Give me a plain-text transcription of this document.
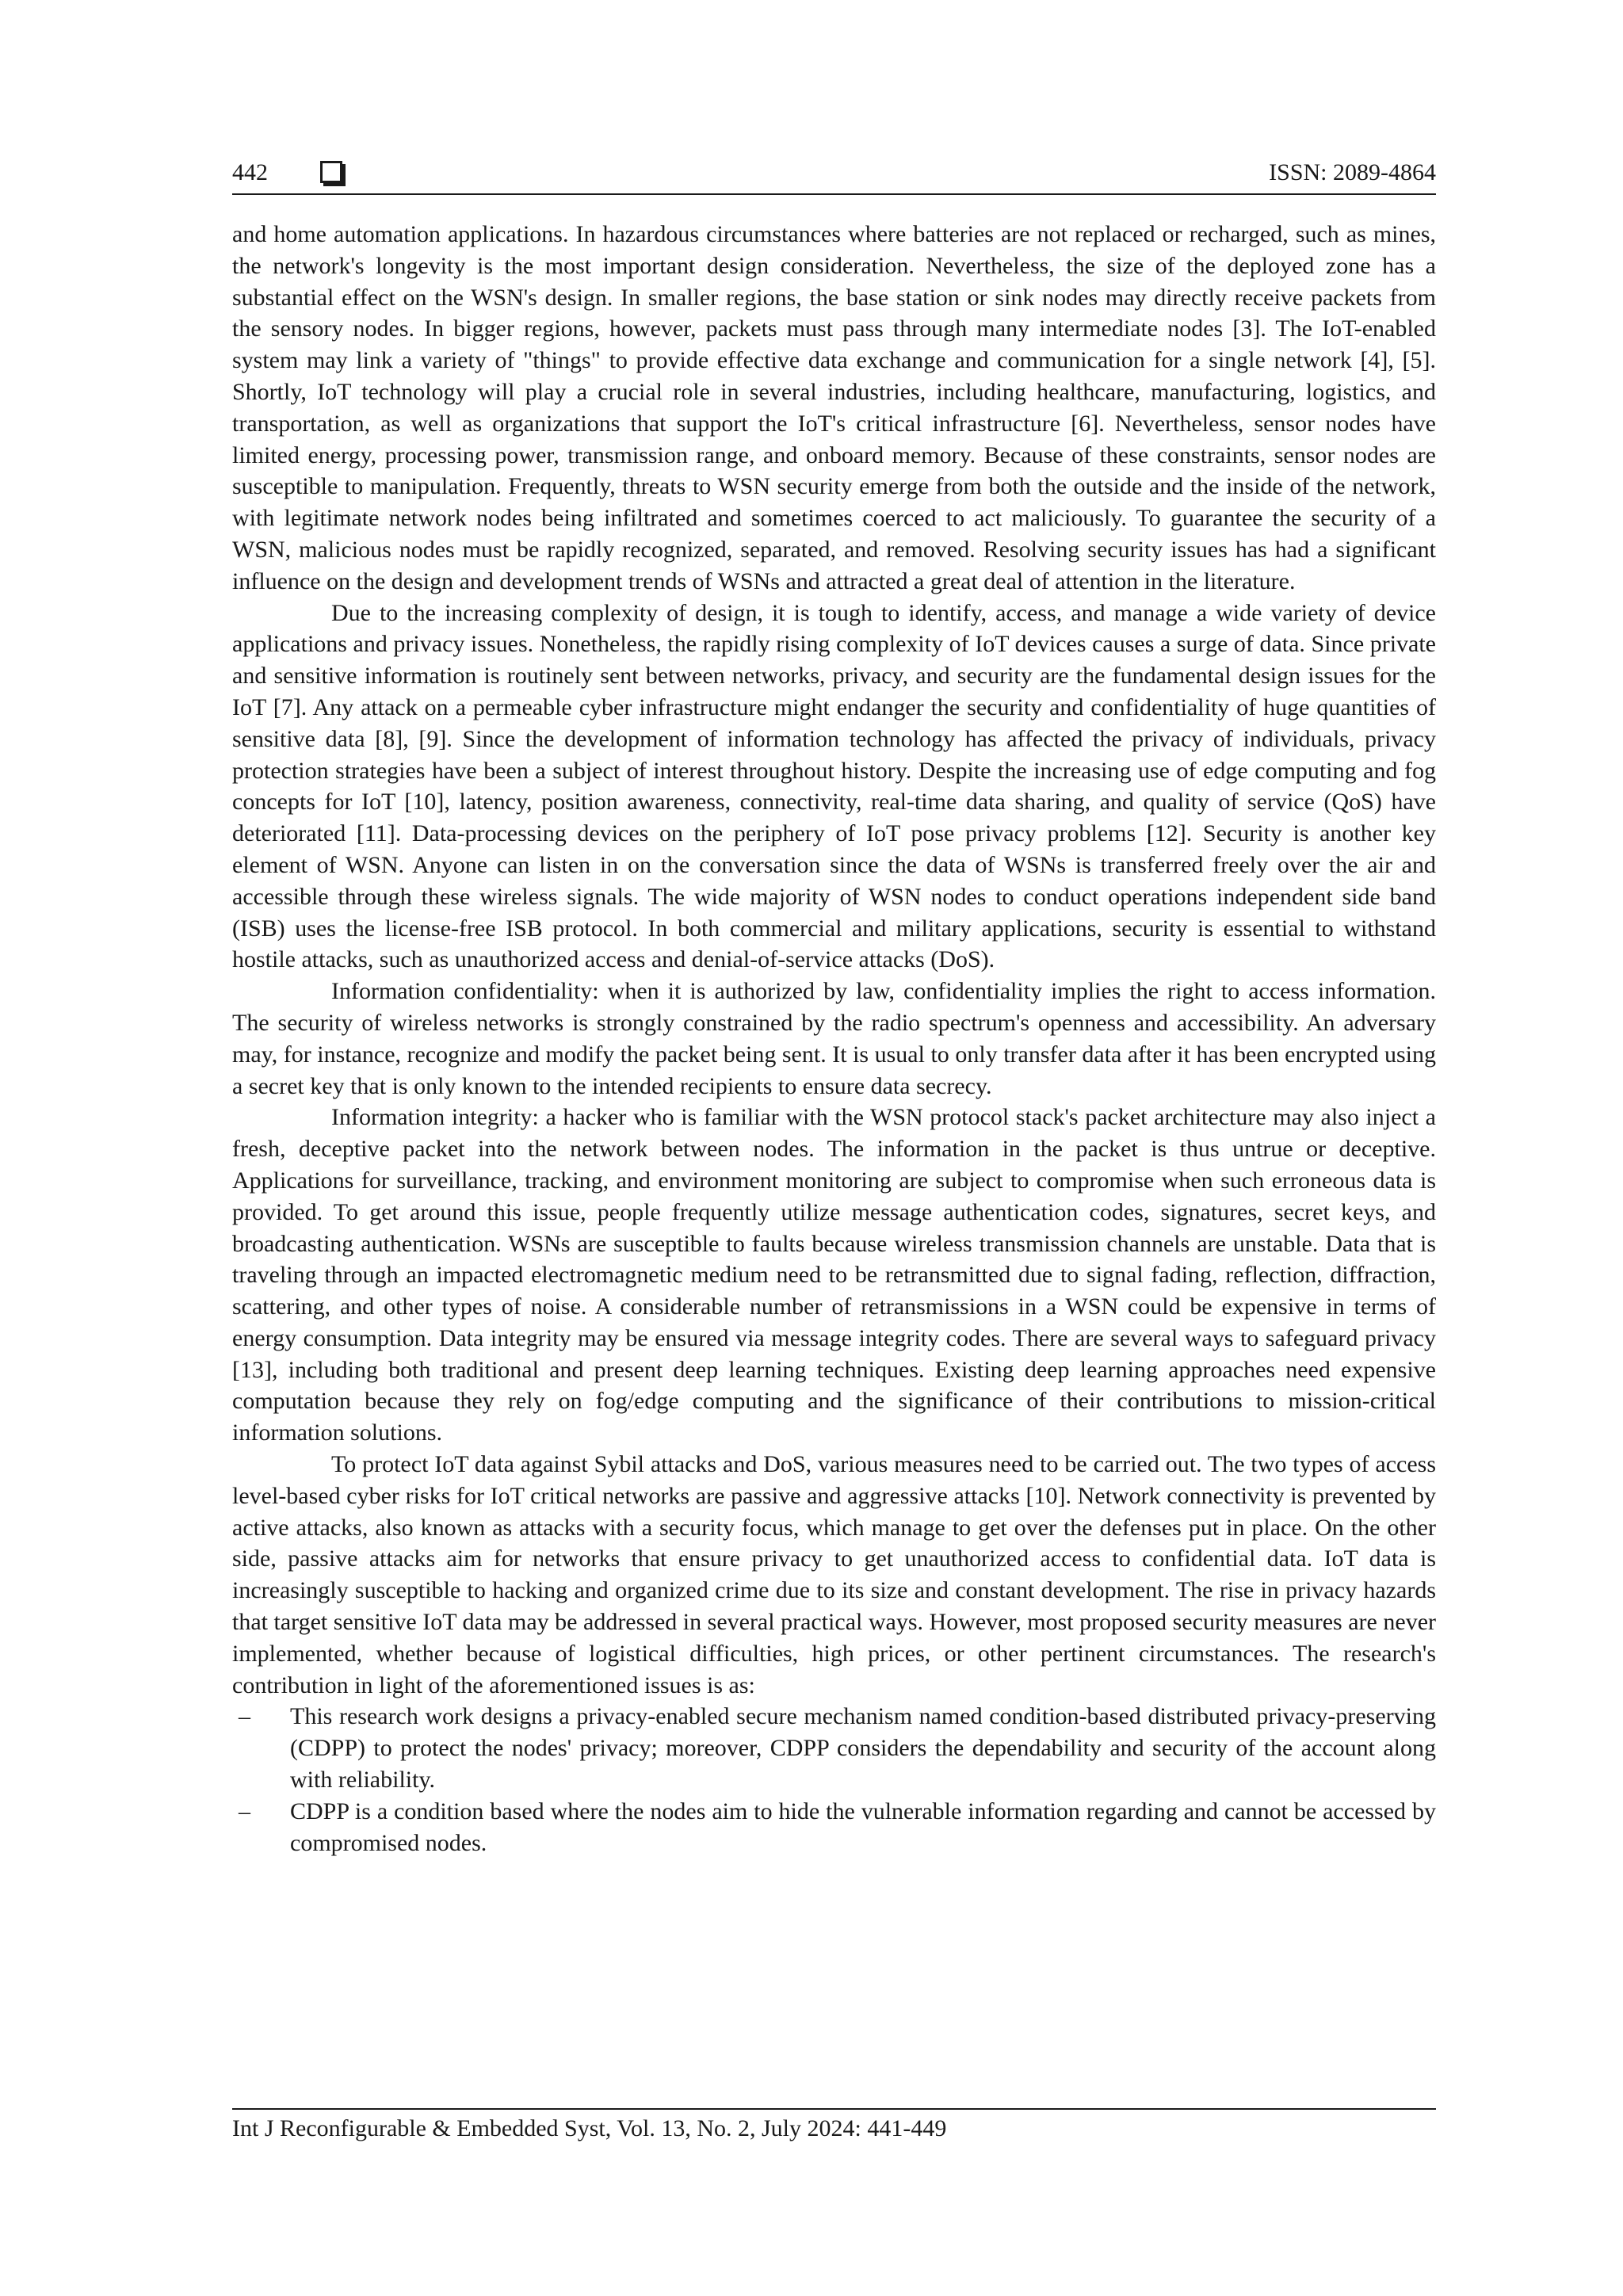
442	ISSN: 2089-4864

and home automation applications. In hazardous circumstances where batteries are not replaced or recharged, such as mines, the network's longevity is the most important design consideration. Nevertheless, the size of the deployed zone has a substantial effect on the WSN's design. In smaller regions, the base station or sink nodes may directly receive packets from the sensory nodes. In bigger regions, however, packets must pass through many intermediate nodes [3]. The IoT-enabled system may link a variety of "things" to provide effective data exchange and communication for a single network [4], [5]. Shortly, IoT technology will play a crucial role in several industries, including healthcare, manufacturing, logistics, and transportation, as well as organizations that support the IoT's critical infrastructure [6]. Nevertheless, sensor nodes have limited energy, processing power, transmission range, and onboard memory. Because of these constraints, sensor nodes are susceptible to manipulation. Frequently, threats to WSN security emerge from both the outside and the inside of the network, with legitimate network nodes being infiltrated and sometimes coerced to act maliciously. To guarantee the security of a WSN, malicious nodes must be rapidly recognized, separated, and removed. Resolving security issues has had a significant influence on the design and development trends of WSNs and attracted a great deal of attention in the literature.

Due to the increasing complexity of design, it is tough to identify, access, and manage a wide variety of device applications and privacy issues. Nonetheless, the rapidly rising complexity of IoT devices causes a surge of data. Since private and sensitive information is routinely sent between networks, privacy, and security are the fundamental design issues for the IoT [7]. Any attack on a permeable cyber infrastructure might endanger the security and confidentiality of huge quantities of sensitive data [8], [9]. Since the development of information technology has affected the privacy of individuals, privacy protection strategies have been a subject of interest throughout history. Despite the increasing use of edge computing and fog concepts for IoT [10], latency, position awareness, connectivity, real-time data sharing, and quality of service (QoS) have deteriorated [11]. Data-processing devices on the periphery of IoT pose privacy problems [12]. Security is another key element of WSN. Anyone can listen in on the conversation since the data of WSNs is transferred freely over the air and accessible through these wireless signals. The wide majority of WSN nodes to conduct operations independent side band (ISB) uses the license-free ISB protocol. In both commercial and military applications, security is essential to withstand hostile attacks, such as unauthorized access and denial-of-service attacks (DoS).

Information confidentiality: when it is authorized by law, confidentiality implies the right to access information. The security of wireless networks is strongly constrained by the radio spectrum's openness and accessibility. An adversary may, for instance, recognize and modify the packet being sent. It is usual to only transfer data after it has been encrypted using a secret key that is only known to the intended recipients to ensure data secrecy.

Information integrity: a hacker who is familiar with the WSN protocol stack's packet architecture may also inject a fresh, deceptive packet into the network between nodes. The information in the packet is thus untrue or deceptive. Applications for surveillance, tracking, and environment monitoring are subject to compromise when such erroneous data is provided. To get around this issue, people frequently utilize message authentication codes, signatures, secret keys, and broadcasting authentication. WSNs are susceptible to faults because wireless transmission channels are unstable. Data that is traveling through an impacted electromagnetic medium need to be retransmitted due to signal fading, reflection, diffraction, scattering, and other types of noise. A considerable number of retransmissions in a WSN could be expensive in terms of energy consumption. Data integrity may be ensured via message integrity codes. There are several ways to safeguard privacy [13], including both traditional and present deep learning techniques. Existing deep learning approaches need expensive computation because they rely on fog/edge computing and the significance of their contributions to mission-critical information solutions.

To protect IoT data against Sybil attacks and DoS, various measures need to be carried out. The two types of access level-based cyber risks for IoT critical networks are passive and aggressive attacks [10]. Network connectivity is prevented by active attacks, also known as attacks with a security focus, which manage to get over the defenses put in place. On the other side, passive attacks aim for networks that ensure privacy to get unauthorized access to confidential data. IoT data is increasingly susceptible to hacking and organized crime due to its size and constant development. The rise in privacy hazards that target sensitive IoT data may be addressed in several practical ways. However, most proposed security measures are never implemented, whether because of logistical difficulties, high prices, or other pertinent circumstances. The research's contribution in light of the aforementioned issues is as:

– This research work designs a privacy-enabled secure mechanism named condition-based distributed privacy-preserving (CDPP) to protect the nodes' privacy; moreover, CDPP considers the dependability and security of the account along with reliability.
– CDPP is a condition based where the nodes aim to hide the vulnerable information regarding and cannot be accessed by compromised nodes.
Int J Reconfigurable & Embedded Syst, Vol. 13, No. 2, July 2024: 441-449
